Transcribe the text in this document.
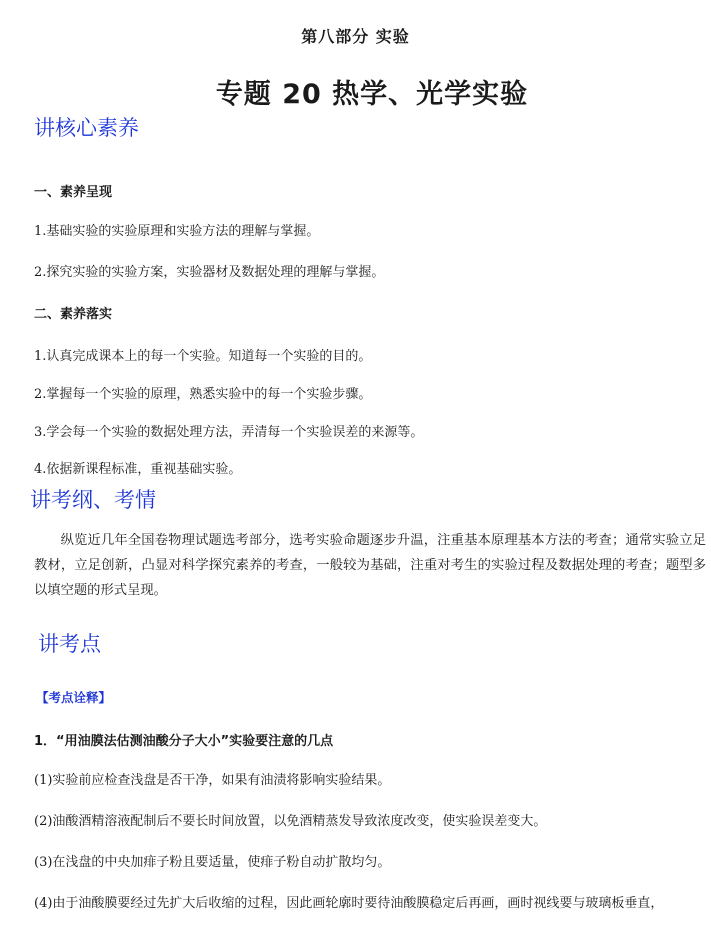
第八部分 实验
专题 20 热学、光学实验
讲核心素养
一、素养呈现
1.基础实验的实验原理和实验方法的理解与掌握。
2.探究实验的实验方案，实验器材及数据处理的理解与掌握。
二、素养落实
1.认真完成课本上的每一个实验。知道每一个实验的目的。
2.掌握每一个实验的原理，熟悉实验中的每一个实验步骤。
3.学会每一个实验的数据处理方法，弄清每一个实验误差的来源等。
4.依据新课程标准，重视基础实验。
讲考纲、考情
纵览近几年全国卷物理试题选考部分，选考实验命题逐步升温，注重基本原理基本方法的考查；通常实验立足教材，立足创新，凸显对科学探究素养的考查，一般较为基础，注重对考生的实验过程及数据处理的考查；题型多以填空题的形式呈现。
讲考点
【考点诠释】
1．“用油膜法估测油酸分子大小”实验要注意的几点
(1)实验前应检查浅盘是否干净，如果有油渍将影响实验结果。
(2)油酸酒精溶液配制后不要长时间放置，以免酒精蒸发导致浓度改变，使实验误差变大。
(3)在浅盘的中央加痱子粉且要适量，使痱子粉自动扩散均匀。
(4)由于油酸膜要经过先扩大后收缩的过程，因此画轮廓时要待油酸膜稳定后再画，画时视线要与玻璃板垂直，
